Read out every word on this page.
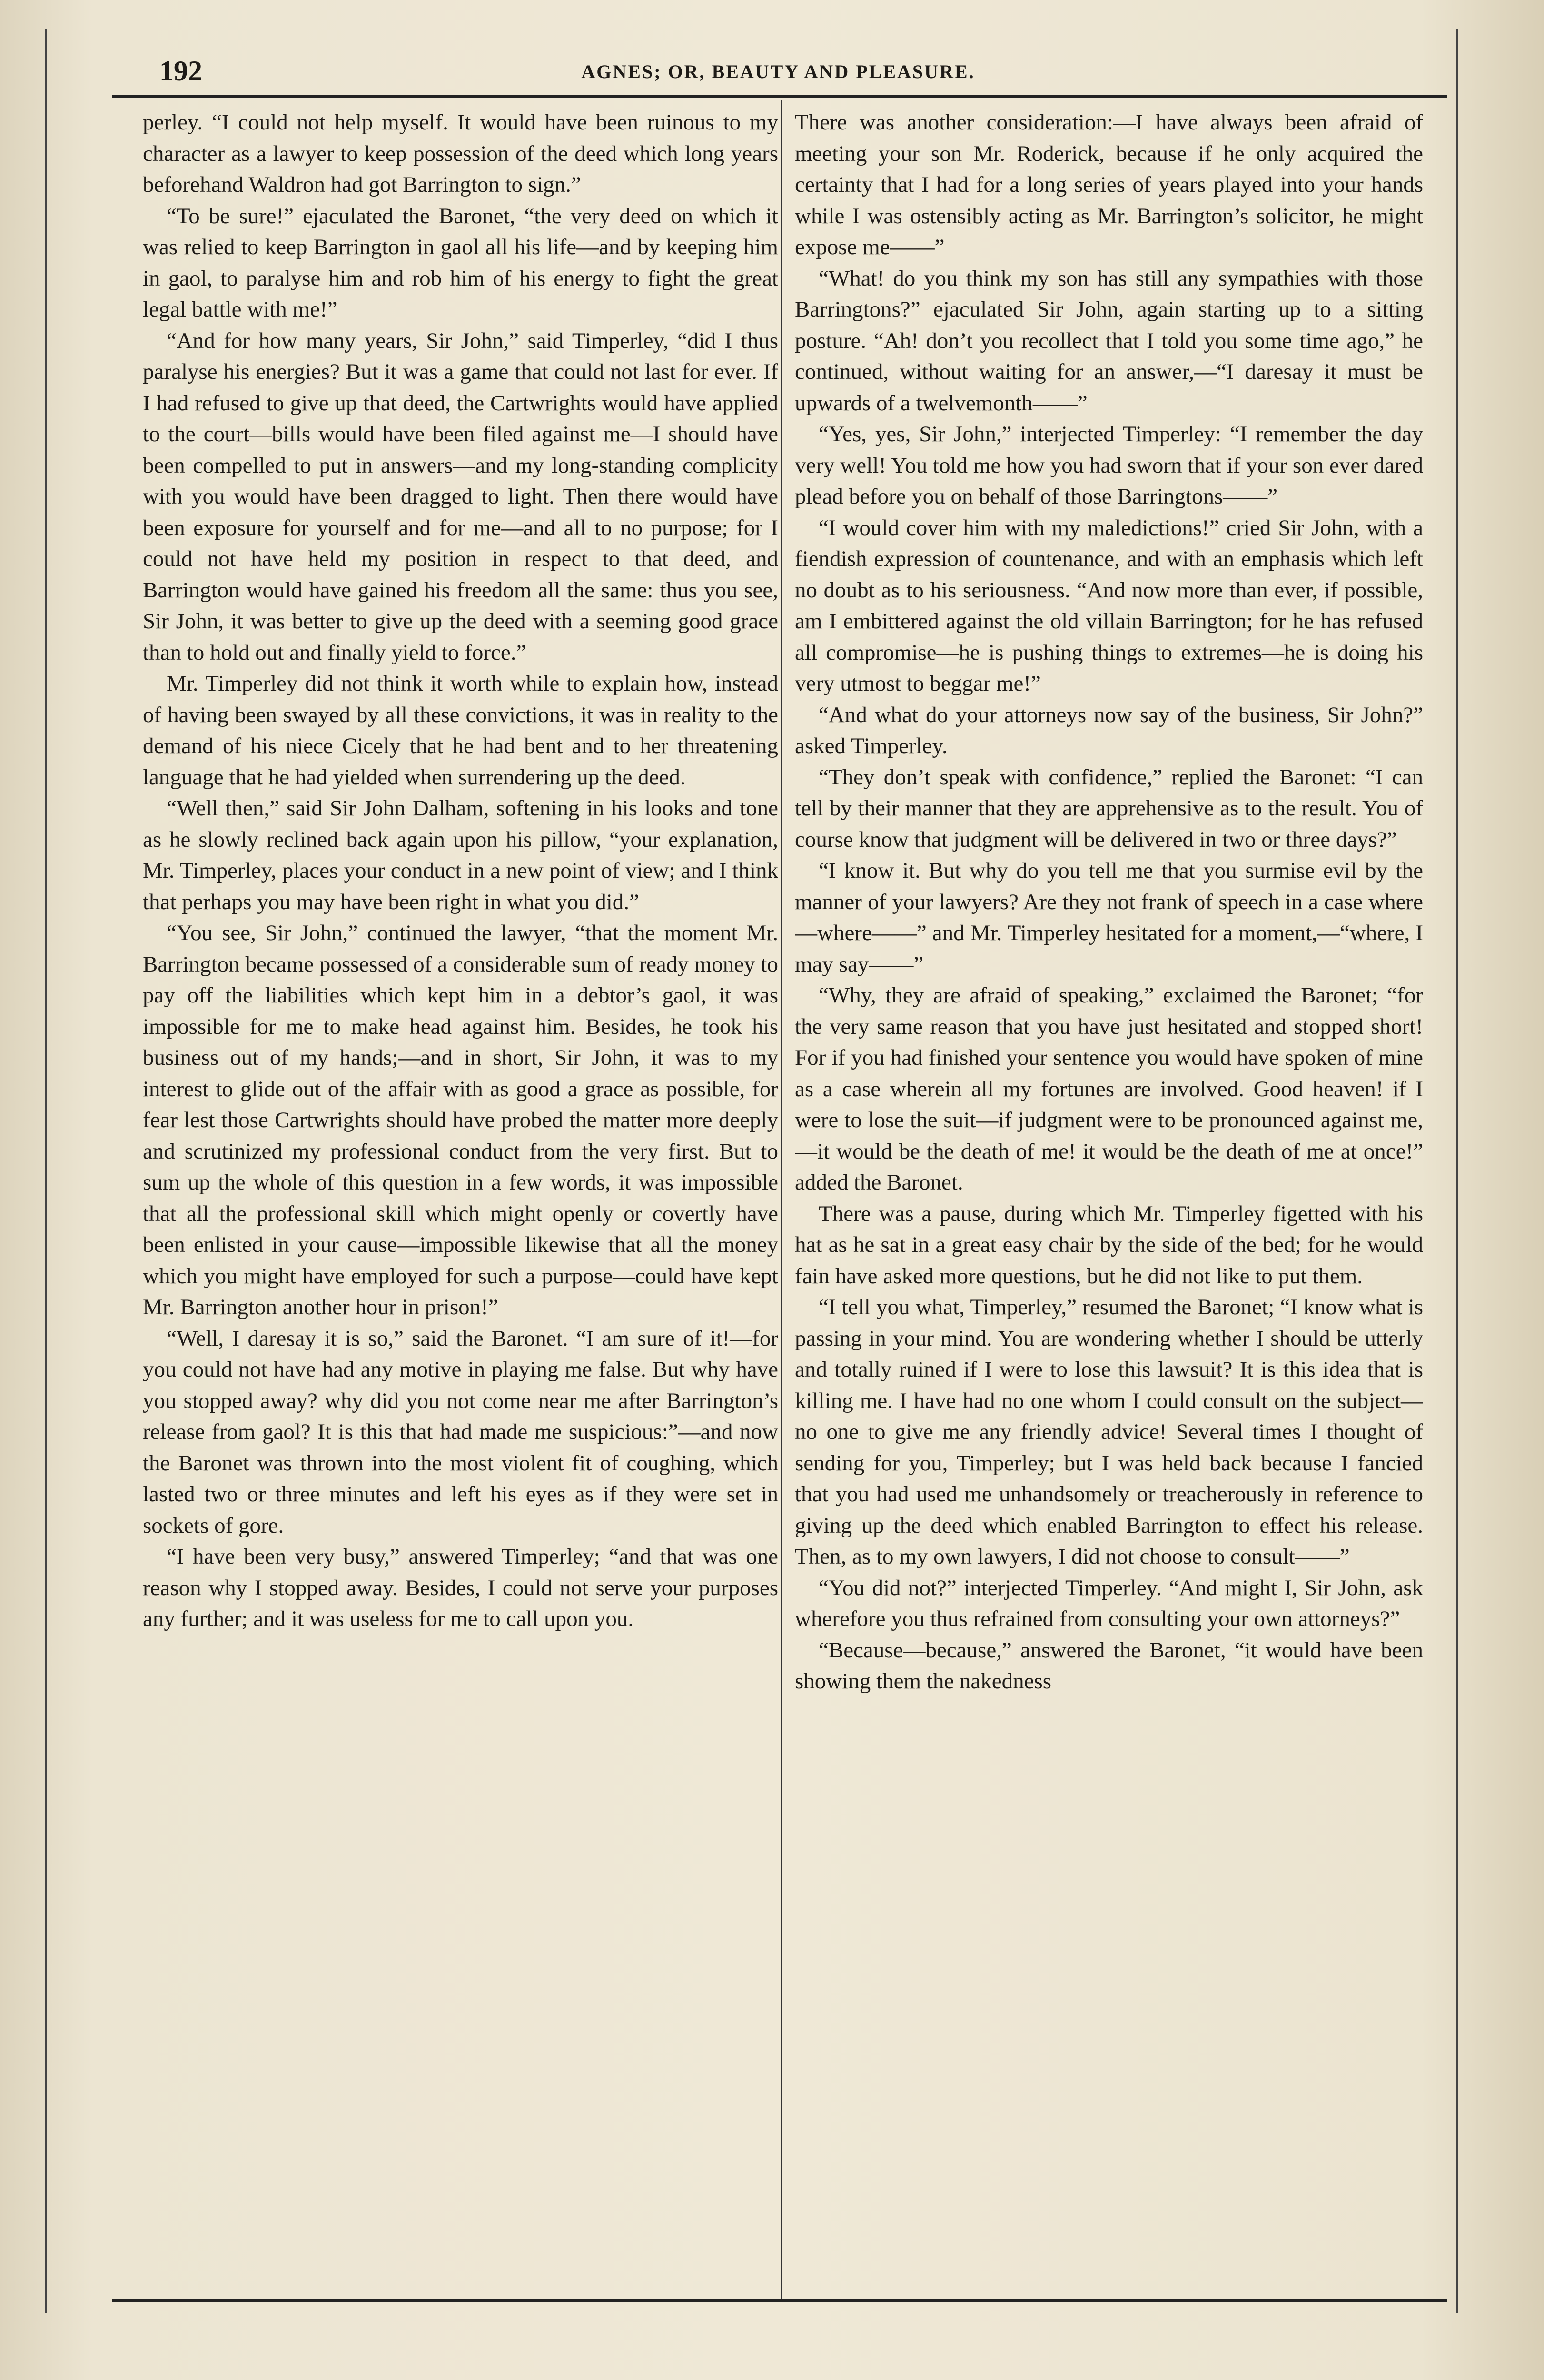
192	AGNES; OR, BEAUTY AND PLEASURE.

perley. “I could not help myself. It would have been ruinous to my character as a lawyer to keep possession of the deed which long years beforehand Waldron had got Barrington to sign.”

“To be sure!” ejaculated the Baronet, “the very deed on which it was relied to keep Barrington in gaol all his life—and by keeping him in gaol, to paralyse him and rob him of his energy to fight the great legal battle with me!”

“And for how many years, Sir John,” said Timperley, “did I thus paralyse his energies? But it was a game that could not last for ever. If I had refused to give up that deed, the Cartwrights would have applied to the court—bills would have been filed against me—I should have been compelled to put in answers—and my long-standing complicity with you would have been dragged to light. Then there would have been exposure for yourself and for me—and all to no purpose; for I could not have held my position in respect to that deed, and Barrington would have gained his freedom all the same: thus you see, Sir John, it was better to give up the deed with a seeming good grace than to hold out and finally yield to force.”

Mr. Timperley did not think it worth while to explain how, instead of having been swayed by all these convictions, it was in reality to the demand of his niece Cicely that he had bent and to her threatening language that he had yielded when surrendering up the deed.

“Well then,” said Sir John Dalham, softening in his looks and tone as he slowly reclined back again upon his pillow, “your explanation, Mr. Timperley, places your conduct in a new point of view; and I think that perhaps you may have been right in what you did.”

“You see, Sir John,” continued the lawyer, “that the moment Mr. Barrington became possessed of a considerable sum of ready money to pay off the liabilities which kept him in a debtor’s gaol, it was impossible for me to make head against him. Besides, he took his business out of my hands;—and in short, Sir John, it was to my interest to glide out of the affair with as good a grace as possible, for fear lest those Cartwrights should have probed the matter more deeply and scrutinized my professional conduct from the very first. But to sum up the whole of this question in a few words, it was impossible that all the professional skill which might openly or covertly have been enlisted in your cause—impossible likewise that all the money which you might have employed for such a purpose—could have kept Mr. Barrington another hour in prison!”

“Well, I daresay it is so,” said the Baronet. “I am sure of it!—for you could not have had any motive in playing me false. But why have you stopped away? why did you not come near me after Barrington’s release from gaol? It is this that had made me suspicious:”—and now the Baronet was thrown into the most violent fit of coughing, which lasted two or three minutes and left his eyes as if they were set in sockets of gore.

“I have been very busy,” answered Timperley; “and that was one reason why I stopped away. Besides, I could not serve your purposes any further; and it was useless for me to call upon you.

There was another consideration:—I have always been afraid of meeting your son Mr. Roderick, because if he only acquired the certainty that I had for a long series of years played into your hands while I was ostensibly acting as Mr. Barrington’s solicitor, he might expose me——”

“What! do you think my son has still any sympathies with those Barringtons?” ejaculated Sir John, again starting up to a sitting posture. “Ah! don’t you recollect that I told you some time ago,” he continued, without waiting for an answer,—“I daresay it must be upwards of a twelvemonth——”

“Yes, yes, Sir John,” interjected Timperley: “I remember the day very well! You told me how you had sworn that if your son ever dared plead before you on behalf of those Barringtons——”

“I would cover him with my maledictions!” cried Sir John, with a fiendish expression of countenance, and with an emphasis which left no doubt as to his seriousness. “And now more than ever, if possible, am I embittered against the old villain Barrington; for he has refused all compromise—he is pushing things to extremes—he is doing his very utmost to beggar me!”

“And what do your attorneys now say of the business, Sir John?” asked Timperley.

“They don’t speak with confidence,” replied the Baronet: “I can tell by their manner that they are apprehensive as to the result. You of course know that judgment will be delivered in two or three days?”

“I know it. But why do you tell me that you surmise evil by the manner of your lawyers? Are they not frank of speech in a case where—where——” and Mr. Timperley hesitated for a moment,—“where, I may say——”

“Why, they are afraid of speaking,” exclaimed the Baronet; “for the very same reason that you have just hesitated and stopped short! For if you had finished your sentence you would have spoken of mine as a case wherein all my fortunes are involved. Good heaven! if I were to lose the suit—if judgment were to be pronounced against me,—it would be the death of me! it would be the death of me at once!” added the Baronet.

There was a pause, during which Mr. Timperley figetted with his hat as he sat in a great easy chair by the side of the bed; for he would fain have asked more questions, but he did not like to put them.

“I tell you what, Timperley,” resumed the Baronet; “I know what is passing in your mind. You are wondering whether I should be utterly and totally ruined if I were to lose this lawsuit? It is this idea that is killing me. I have had no one whom I could consult on the subject—no one to give me any friendly advice! Several times I thought of sending for you, Timperley; but I was held back because I fancied that you had used me unhandsomely or treacherously in reference to giving up the deed which enabled Barrington to effect his release. Then, as to my own lawyers, I did not choose to consult——”

“You did not?” interjected Timperley. “And might I, Sir John, ask wherefore you thus refrained from consulting your own attorneys?”

“Because—because,” answered the Baronet, “it would have been showing them the nakedness
